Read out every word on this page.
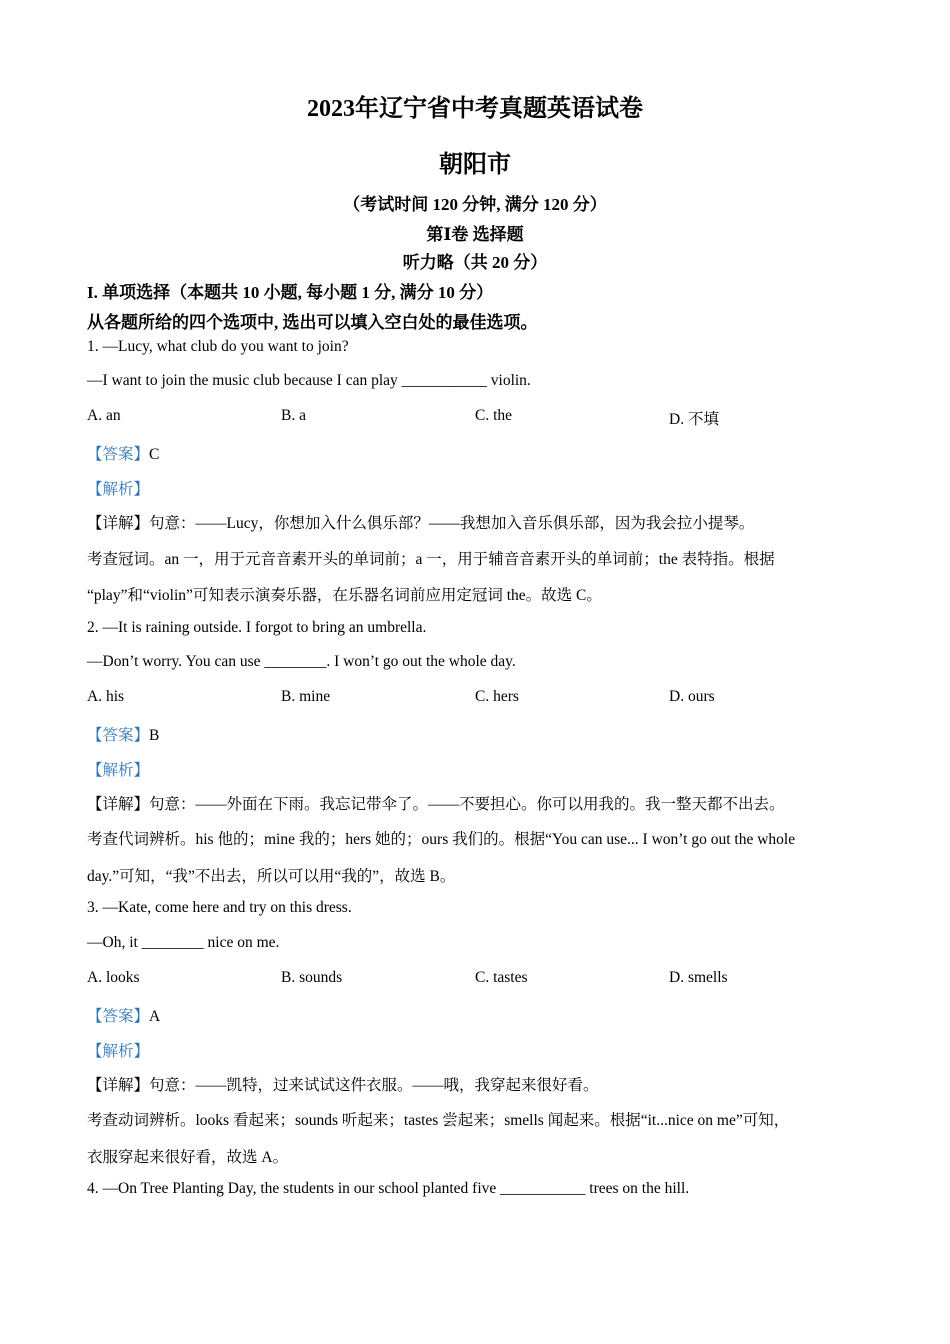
2023年辽宁省中考真题英语试卷
朝阳市
（考试时间 120 分钟, 满分 120 分）
第Ⅰ卷 选择题
听力略（共 20 分）
I. 单项选择（本题共 10 小题, 每小题 1 分, 满分 10 分）
从各题所给的四个选项中, 选出可以填入空白处的最佳选项。
1. —Lucy, what club do you want to join?
—I want to join the music club because I can play ___________ violin.
A. an	B. a	C. the	D. 不填
【答案】C
【解析】
【详解】句意：——Lucy，你想加入什么俱乐部？——我想加入音乐俱乐部，因为我会拉小提琴。
考查冠词。an 一，用于元音音素开头的单词前；a 一，用于辅音音素开头的单词前；the 表特指。根据
“play”和“violin”可知表示演奏乐器，在乐器名词前应用定冠词 the。故选 C。
2. —It is raining outside. I forgot to bring an umbrella.
—Don’t worry. You can use ________. I won’t go out the whole day.
A. his	B. mine	C. hers	D. ours
【答案】B
【解析】
【详解】句意：——外面在下雨。我忘记带伞了。——不要担心。你可以用我的。我一整天都不出去。
考查代词辨析。his 他的；mine 我的；hers 她的；ours 我们的。根据“You can use... I won’t go out the whole
day.”可知，“我”不出去，所以可以用“我的”，故选 B。
3. —Kate, come here and try on this dress.
—Oh, it ________ nice on me.
A. looks	B. sounds	C. tastes	D. smells
【答案】A
【解析】
【详解】句意：——凯特，过来试试这件衣服。——哦，我穿起来很好看。
考查动词辨析。looks 看起来；sounds 听起来；tastes 尝起来；smells 闻起来。根据“it...nice on me”可知，
衣服穿起来很好看，故选 A。
4. —On Tree Planting Day, the students in our school planted five ___________ trees on the hill.
